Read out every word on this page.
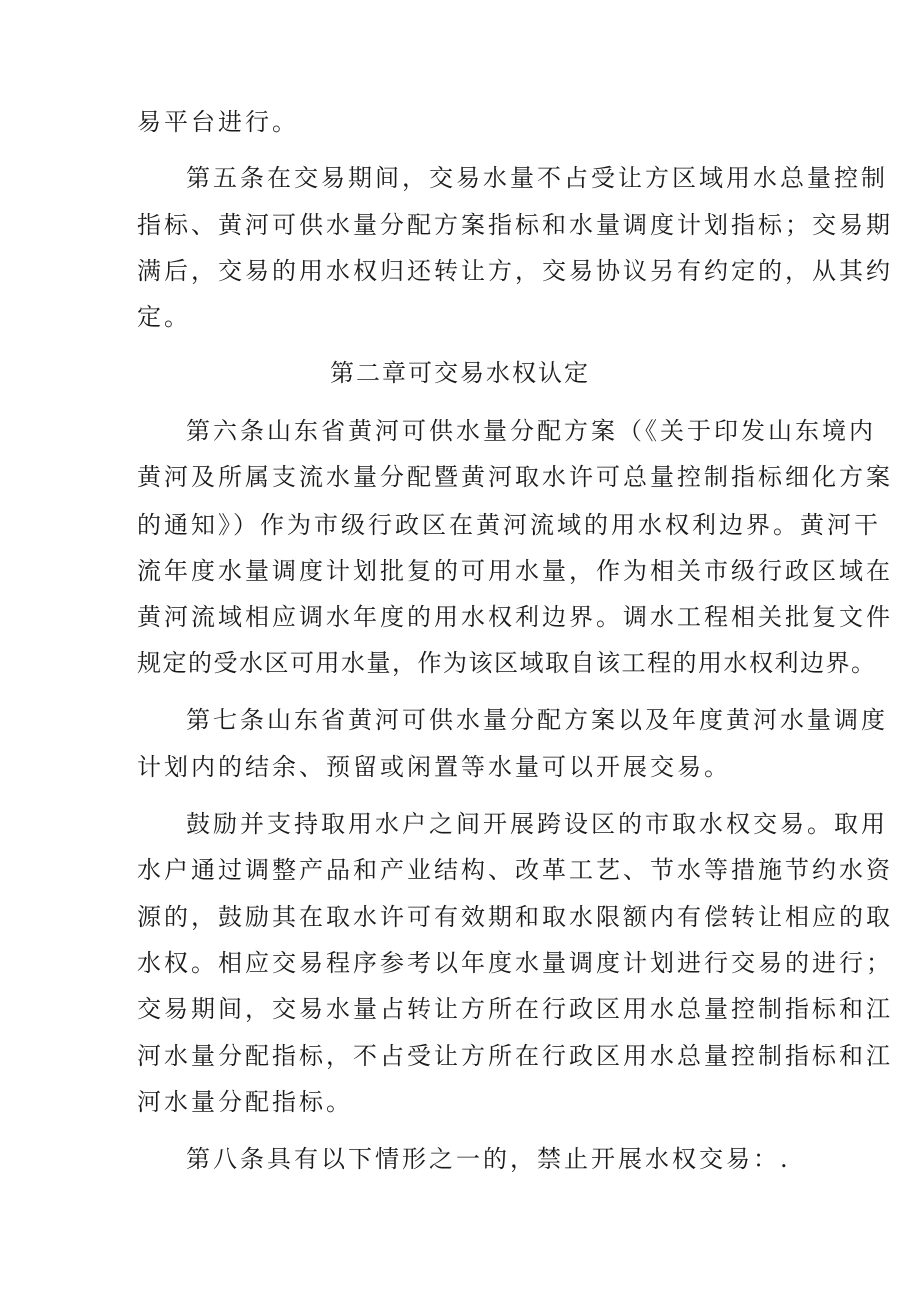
易平台进行。
第五条在交易期间，交易水量不占受让方区域用水总量控制
指标、黄河可供水量分配方案指标和水量调度计划指标；交易期
满后，交易的用水权归还转让方，交易协议另有约定的，从其约
定。
第二章可交易水权认定
第六条山东省黄河可供水量分配方案（《关于印发山东境内
黄河及所属支流水量分配暨黄河取水许可总量控制指标细化方案
的通知》）作为市级行政区在黄河流域的用水权利边界。黄河干
流年度水量调度计划批复的可用水量，作为相关市级行政区域在
黄河流域相应调水年度的用水权利边界。调水工程相关批复文件
规定的受水区可用水量，作为该区域取自该工程的用水权利边界。
第七条山东省黄河可供水量分配方案以及年度黄河水量调度
计划内的结余、预留或闲置等水量可以开展交易。
鼓励并支持取用水户之间开展跨设区的市取水权交易。取用
水户通过调整产品和产业结构、改革工艺、节水等措施节约水资
源的，鼓励其在取水许可有效期和取水限额内有偿转让相应的取
水权。相应交易程序参考以年度水量调度计划进行交易的进行；
交易期间，交易水量占转让方所在行政区用水总量控制指标和江
河水量分配指标，不占受让方所在行政区用水总量控制指标和江
河水量分配指标。
第八条具有以下情形之一的，禁止开展水权交易：.
